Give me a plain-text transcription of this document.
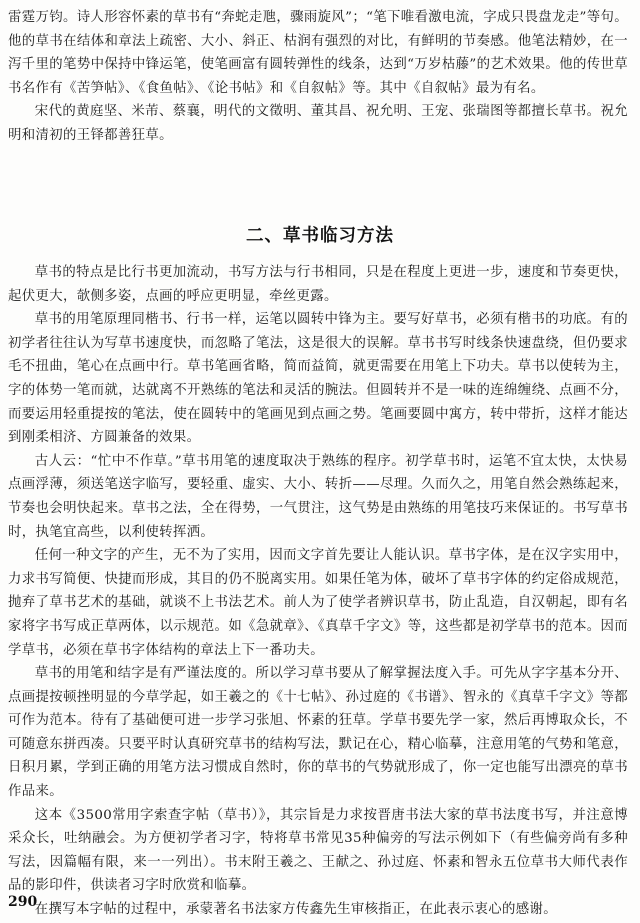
雷霆万钧。诗人形容怀素的草书有“奔蛇走虺，骤雨旋风”；“笔下唯看激电流，字成只畏盘龙走”等句。他的草书在结体和章法上疏密、大小、斜正、枯润有强烈的对比，有鲜明的节奏感。他笔法精妙，在一泻千里的笔势中保持中锋运笔，使笔画富有圆转弹性的线条，达到“万岁枯藤”的艺术效果。他的传世草书名作有《苦笋帖》、《食鱼帖》、《论书帖》和《自叙帖》等。其中《自叙帖》最为有名。

宋代的黄庭坚、米芾、蔡襄，明代的文徵明、董其昌、祝允明、王宠、张瑞图等都擅长草书。祝允明和清初的王铎都善狂草。

二、草书临习方法

草书的特点是比行书更加流动，书写方法与行书相同，只是在程度上更进一步，速度和节奏更快，起伏更大，欹侧多姿，点画的呼应更明显，牵丝更露。

草书的用笔原理同楷书、行书一样，运笔以圆转中锋为主。要写好草书，必须有楷书的功底。有的初学者往往认为写草书速度快，而忽略了笔法，这是很大的误解。草书书写时线条快速盘绕，但仍要求毛不扭曲，笔心在点画中行。草书笔画省略，简而益简，就更需要在用笔上下功夫。草书以使转为主，字的体势一笔而就，达就离不开熟练的笔法和灵活的腕法。但圆转并不是一味的连绵缠绕、点画不分，而要运用轻重提按的笔法，使在圆转中的笔画见到点画之势。笔画要圆中寓方，转中带折，这样才能达到刚柔相济、方圆兼备的效果。

古人云：“忙中不作草。”草书用笔的速度取决于熟练的程序。初学草书时，运笔不宜太快，太快易点画浮薄，须送笔送字临写，要轻重、虚实、大小、转折——尽理。久而久之，用笔自然会熟练起来，节奏也会明快起来。草书之法，全在得势，一气贯注，这气势是由熟练的用笔技巧来保证的。书写草书时，执笔宜高些，以利使转挥洒。

任何一种文字的产生，无不为了实用，因而文字首先要让人能认识。草书字体，是在汉字实用中，力求书写简便、快捷而形成，其目的仍不脱离实用。如果任笔为体，破坏了草书字体的约定俗成规范，抛弃了草书艺术的基础，就谈不上书法艺术。前人为了使学者辨识草书，防止乱造，自汉朝起，即有名家将字书写成正草两体，以示规范。如《急就章》、《真草千字文》等，这些都是初学草书的范本。因而学草书，必须在草书字体结构的章法上下一番功夫。

草书的用笔和结字是有严谨法度的。所以学习草书要从了解掌握法度入手。可先从字字基本分开、点画提按顿挫明显的今草学起，如王羲之的《十七帖》、孙过庭的《书谱》、智永的《真草千字文》等都可作为范本。待有了基础便可进一步学习张旭、怀素的狂草。学草书要先学一家，然后再博取众长，不可随意东拼西凑。只要平时认真研究草书的结构写法，默记在心，精心临摹，注意用笔的气势和笔意，日积月累，学到正确的用笔方法习惯成自然时，你的草书的气势就形成了，你一定也能写出漂亮的草书作品来。

这本《3500常用字索查字帖（草书）》，其宗旨是力求按晋唐书法大家的草书法度书写，并注意博采众长，吐纳融会。为方便初学者习字，特将草书常见35种偏旁的写法示例如下（有些偏旁尚有多种写法，因篇幅有限，来一一列出）。书末附王羲之、王献之、孙过庭、怀素和智永五位草书大师代表作品的影印件，供读者习字时欣赏和临摹。

在撰写本字帖的过程中，承蒙著名书法家方传鑫先生审核指正，在此表示衷心的感谢。

290
